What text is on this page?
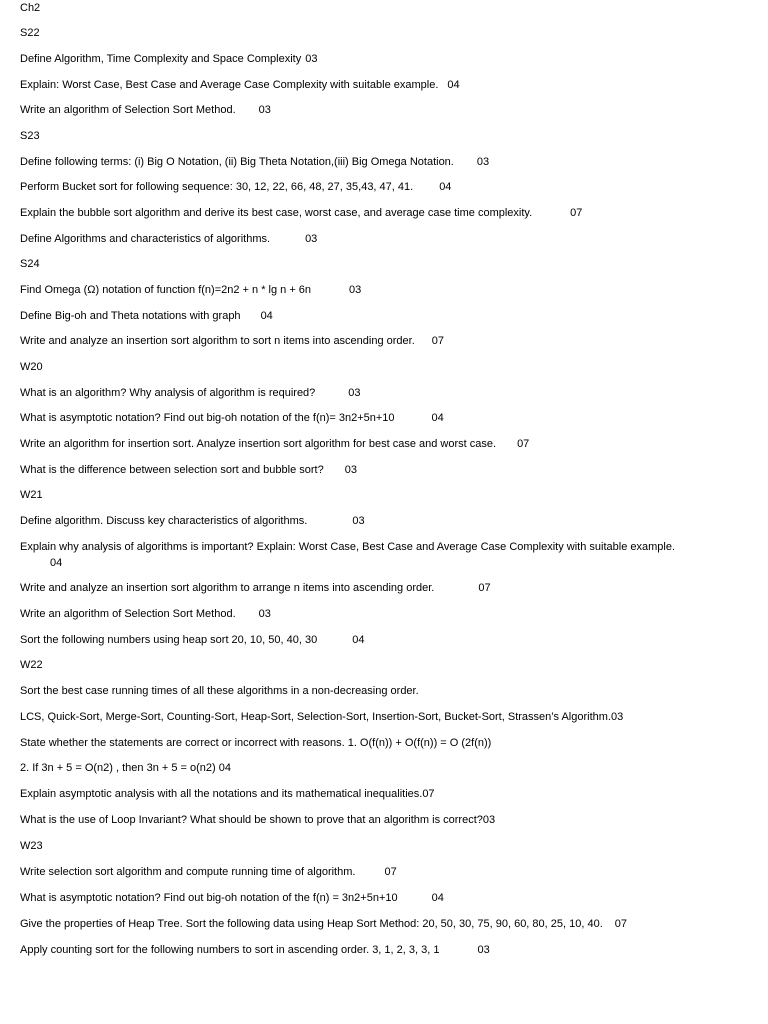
Ch2
S22
Define Algorithm, Time Complexity and Space Complexity 03
Explain: Worst Case, Best Case and Average Case Complexity with suitable example. 04
Write an algorithm of Selection Sort Method. 03
S23
Define following terms: (i) Big O Notation, (ii) Big Theta Notation,(iii) Big Omega Notation. 03
Perform Bucket sort for following sequence: 30, 12, 22, 66, 48, 27, 35,43, 47, 41. 04
Explain the bubble sort algorithm and derive its best case, worst case, and average case time complexity.	07
Define Algorithms and characteristics of algorithms.	03
S24
Find Omega (Ω) notation of function f(n)=2n2 + n * lg n + 6n	03
Define Big-oh and Theta notations with graph 04
Write and analyze an insertion sort algorithm to sort n items into ascending order. 07
W20
What is an algorithm? Why analysis of algorithm is required?	03
What is asymptotic notation? Find out big-oh notation of the f(n)= 3n2+5n+10	04
Write an algorithm for insertion sort. Analyze insertion sort algorithm for best case and worst case. 07
What is the difference between selection sort and bubble sort? 03
W21
Define algorithm. Discuss key characteristics of algorithms.	03
Explain why analysis of algorithms is important? Explain: Worst Case, Best Case and Average Case Complexity with suitable example.04
Write and analyze an insertion sort algorithm to arrange n items into ascending order.	07
Write an algorithm of Selection Sort Method. 03
Sort the following numbers using heap sort 20, 10, 50, 40, 30	04
W22
Sort the best case running times of all these algorithms in a non-decreasing order.
LCS, Quick-Sort, Merge-Sort, Counting-Sort, Heap-Sort, Selection-Sort, Insertion-Sort, Bucket-Sort, Strassen’s Algorithm.03
State whether the statements are correct or incorrect with reasons. 1. O(f(n)) + O(f(n)) = O (2f(n))
2. If 3n + 5 = O(n2) , then 3n + 5 = o(n2) 04
Explain asymptotic analysis with all the notations and its mathematical inequalities.07
What is the use of Loop Invariant? What should be shown to prove that an algorithm is correct?03
W23
Write selection sort algorithm and compute running time of algorithm.	07
What is asymptotic notation? Find out big-oh notation of the f(n) = 3n2+5n+10	04
Give the properties of Heap Tree. Sort the following data using Heap Sort Method: 20, 50, 30, 75, 90, 60, 80, 25, 10, 40. 07
Apply counting sort for the following numbers to sort in ascending order. 3, 1, 2, 3, 3, 1	03
